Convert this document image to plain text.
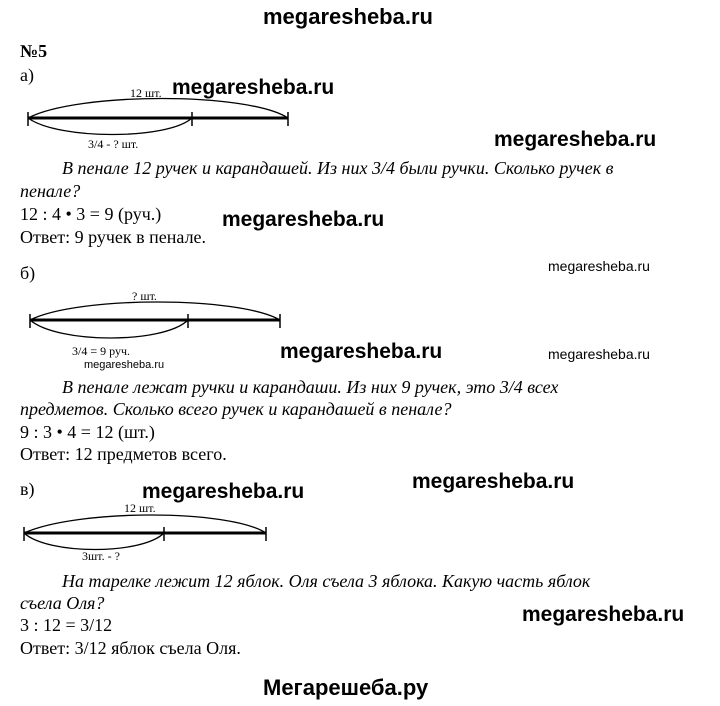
megaresheba.ru
№5
а)
12 шт.
3/4 - ? шт.
В пенале 12 ручек и карандашей. Из них 3/4 были ручки. Сколько ручек в
пенале?
12 : 4 • 3 = 9 (руч.)
Ответ: 9 ручек в пенале.
б)
? шт.
3/4 = 9 руч.
В пенале лежат ручки и карандаши. Из них 9 ручек, это 3/4 всех
предметов. Сколько всего ручек и карандашей в пенале?
9 : 3 • 4 = 12 (шт.)
Ответ: 12 предметов всего.
в)
12 шт.
3шт. - ?
На тарелке лежит 12 яблок. Оля съела 3 яблока. Какую часть яблок
съела Оля?
3 : 12 = 3/12
Ответ: 3/12 яблок съела Оля.
megaresheba.ru
megaresheba.ru
megaresheba.ru
megaresheba.ru
megaresheba.ru	megaresheba.ru
megaresheba.ru
megaresheba.ru
megaresheba.ru
megaresheba.ru
Мегарешеба.ру
